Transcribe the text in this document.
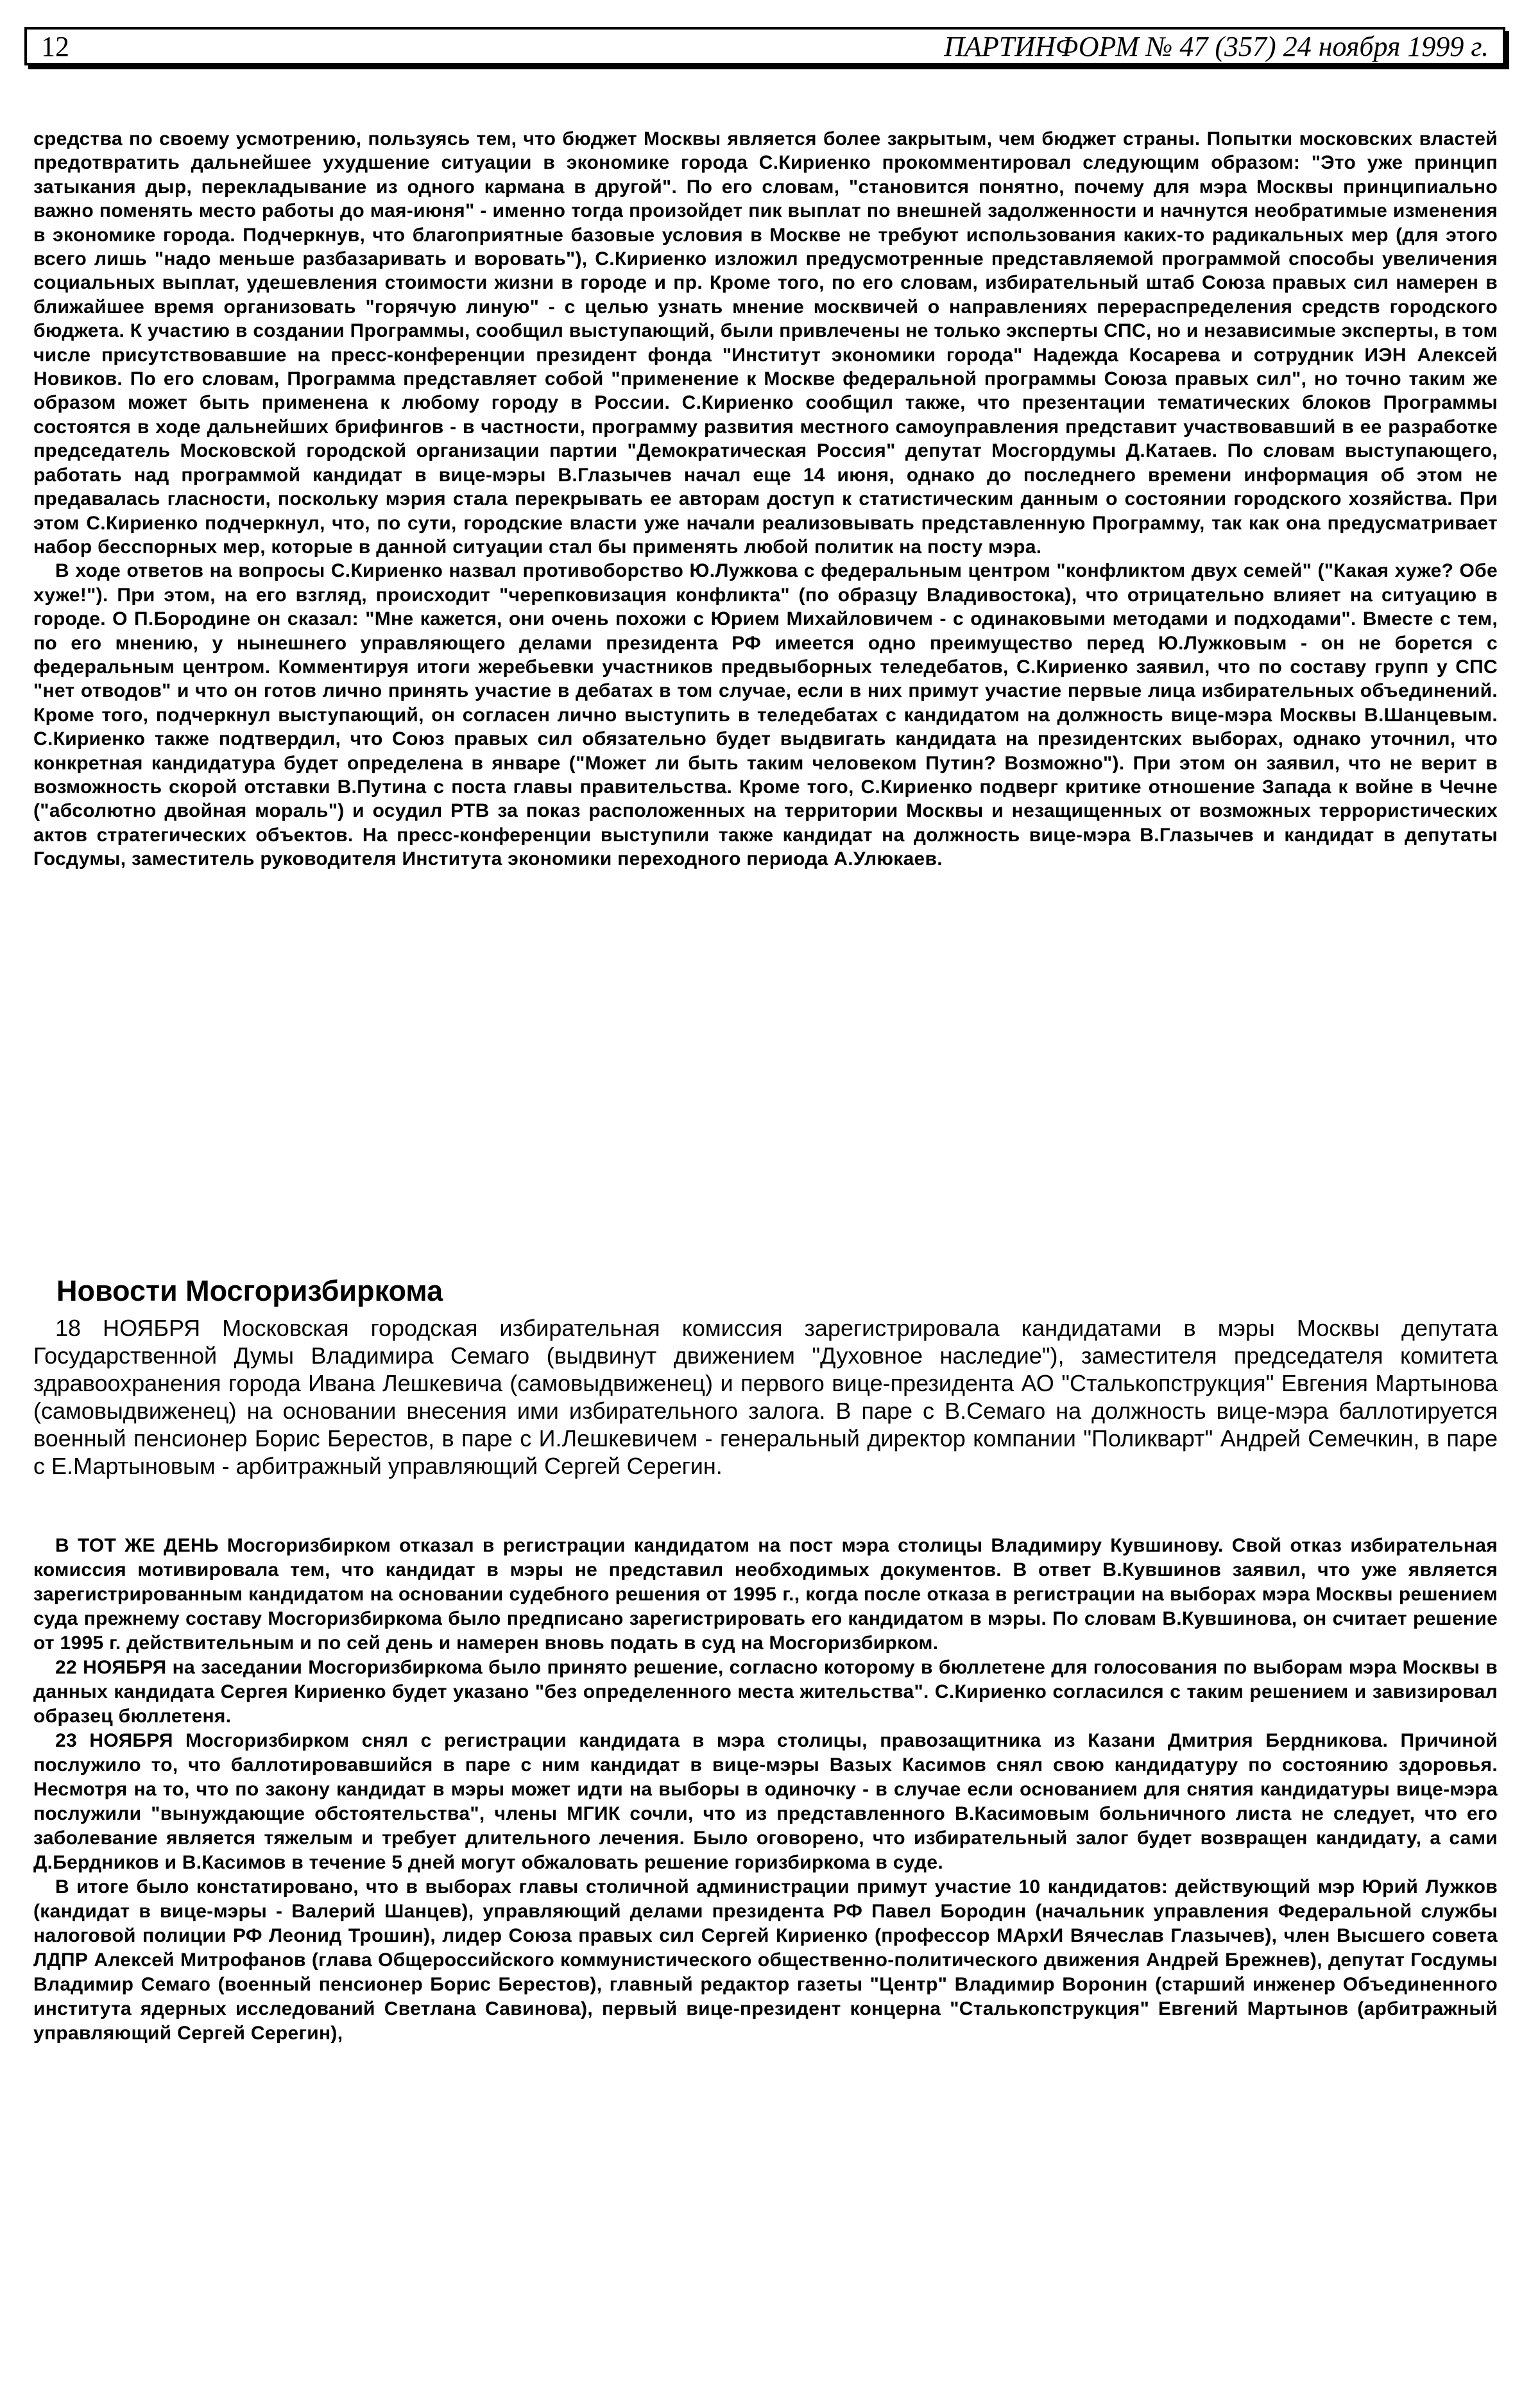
12	ПАРТИНФОРМ № 47 (357) 24 ноября 1999 г.

средства по своему усмотрению, пользуясь тем, что бюджет Москвы является более закрытым, чем бюджет страны. Попытки московских властей предотвратить дальнейшее ухудшение ситуации в экономике города С.Кириенко прокомментировал следующим образом: "Это уже принцип затыкания дыр, перекладывание из одного кармана в другой". По его словам, "становится понятно, почему для мэра Москвы принципиально важно поменять место работы до мая-июня" - именно тогда произойдет пик выплат по внешней задолженности и начнутся необратимые изменения в экономике города. Подчеркнув, что благоприятные базовые условия в Москве не требуют использования каких-то радикальных мер (для этого всего лишь "надо меньше разбазаривать и воровать"), С.Кириенко изложил предусмотренные представляемой программой способы увеличения социальных выплат, удешевления стоимости жизни в городе и пр. Кроме того, по его словам, избирательный штаб Союза правых сил намерен в ближайшее время организовать "горячую линую" - с целью узнать мнение москвичей о направлениях перераспределения средств городского бюджета. К участию в создании Программы, сообщил выступающий, были привлечены не только эксперты СПС, но и независимые эксперты, в том числе присутствовавшие на пресс-конференции президент фонда "Институт экономики города" Надежда Косарева и сотрудник ИЭН Алексей Новиков. По его словам, Программа представляет собой "применение к Москве федеральной программы Союза правых сил", но точно таким же образом может быть применена к любому городу в России. С.Кириенко сообщил также, что презентации тематических блоков Программы состоятся в ходе дальнейших брифингов - в частности, программу развития местного самоуправления представит участвовавший в ее разработке председатель Московской городской организации партии "Демократическая Россия" депутат Мосгордумы Д.Катаев. По словам выступающего, работать над программой кандидат в вице-мэры В.Глазычев начал еще 14 июня, однако до последнего времени информация об этом не предавалась гласности, поскольку мэрия стала перекрывать ее авторам доступ к статистическим данным о состоянии городского хозяйства. При этом С.Кириенко подчеркнул, что, по сути, городские власти уже начали реализовывать представленную Программу, так как она предусматривает набор бесспорных мер, которые в данной ситуации стал бы применять любой политик на посту мэра.

В ходе ответов на вопросы С.Кириенко назвал противоборство Ю.Лужкова с федеральным центром "конфликтом двух семей" ("Какая хуже? Обе хуже!"). При этом, на его взгляд, происходит "черепковизация конфликта" (по образцу Владивостока), что отрицательно влияет на ситуацию в городе. О П.Бородине он сказал: "Мне кажется, они очень похожи с Юрием Михайловичем - с одинаковыми методами и подходами". Вместе с тем, по его мнению, у нынешнего управляющего делами президента РФ имеется одно преимущество перед Ю.Лужковым - он не борется с федеральным центром. Комментируя итоги жеребьевки участников предвыборных теледебатов, С.Кириенко заявил, что по составу групп у СПС "нет отводов" и что он готов лично принять участие в дебатах в том случае, если в них примут участие первые лица избирательных объединений. Кроме того, подчеркнул выступающий, он согласен лично выступить в теледебатах с кандидатом на должность вице-мэра Москвы В.Шанцевым. С.Кириенко также подтвердил, что Союз правых сил обязательно будет выдвигать кандидата на президентских выборах, однако уточнил, что конкретная кандидатура будет определена в январе ("Может ли быть таким человеком Путин? Возможно"). При этом он заявил, что не верит в возможность скорой отставки В.Путина с поста главы правительства. Кроме того, С.Кириенко подверг критике отношение Запада к войне в Чечне ("абсолютно двойная мораль") и осудил РТВ за показ расположенных на территории Москвы и незащищенных от возможных террористических актов стратегических объектов. На пресс-конференции выступили также кандидат на должность вице-мэра В.Глазычев и кандидат в депутаты Госдумы, заместитель руководителя Института экономики переходного периода А.Улюкаев.

Новости Мосгоризбиркома

18 НОЯБРЯ Московская городская избирательная комиссия зарегистрировала кандидатами в мэры Москвы депутата Государственной Думы Владимира Семаго (выдвинут движением "Духовное наследие"), заместителя председателя комитета здравоохранения города Ивана Лешкевича (самовыдвиженец) и первого вице-президента АО "Сталькопструкция" Евгения Мартынова (самовыдвиженец) на основании внесения ими избирательного залога. В паре с В.Семаго на должность вице-мэра баллотируется военный пенсионер Борис Берестов, в паре с И.Лешкевичем - генеральный директор компании "Поликварт" Андрей Семечкин, в паре с Е.Мартыновым - арбитражный управляющий Сергей Серегин.

В ТОТ ЖЕ ДЕНЬ Мосгоризбирком отказал в регистрации кандидатом на пост мэра столицы Владимиру Кувшинову. Свой отказ избирательная комиссия мотивировала тем, что кандидат в мэры не представил необходимых документов. В ответ В.Кувшинов заявил, что уже является зарегистрированным кандидатом на основании судебного решения от 1995 г., когда после отказа в регистрации на выборах мэра Москвы решением суда прежнему составу Мосгоризбиркома было предписано зарегистрировать его кандидатом в мэры. По словам В.Кувшинова, он считает решение от 1995 г. действительным и по сей день и намерен вновь подать в суд на Мосгоризбирком.

22 НОЯБРЯ на заседании Мосгоризбиркома было принято решение, согласно которому в бюллетене для голосования по выборам мэра Москвы в данных кандидата Сергея Кириенко будет указано "без определенного места жительства". С.Кириенко согласился с таким решением и завизировал образец бюллетеня.

23 НОЯБРЯ Мосгоризбирком снял с регистрации кандидата в мэра столицы, правозащитника из Казани Дмитрия Бердникова. Причиной послужило то, что баллотировавшийся в паре с ним кандидат в вице-мэры Вазых Касимов снял свою кандидатуру по состоянию здоровья. Несмотря на то, что по закону кандидат в мэры может идти на выборы в одиночку - в случае если основанием для снятия кандидатуры вице-мэра послужили "вынуждающие обстоятельства", члены МГИК сочли, что из представленного В.Касимовым больничного листа не следует, что его заболевание является тяжелым и требует длительного лечения. Было оговорено, что избирательный залог будет возвращен кандидату, а сами Д.Бердников и В.Касимов в течение 5 дней могут обжаловать решение горизбиркома в суде.

В итоге было констатировано, что в выборах главы столичной администрации примут участие 10 кандидатов: действующий мэр Юрий Лужков (кандидат в вице-мэры - Валерий Шанцев), управляющий делами президента РФ Павел Бородин (начальник управления Федеральной службы налоговой полиции РФ Леонид Трошин), лидер Союза правых сил Сергей Кириенко (профессор МАрхИ Вячеслав Глазычев), член Высшего совета ЛДПР Алексей Митрофанов (глава Общероссийского коммунистического общественно-политического движения Андрей Брежнев), депутат Госдумы Владимир Семаго (военный пенсионер Борис Берестов), главный редактор газеты "Центр" Владимир Воронин (старший инженер Объединенного института ядерных исследований Светлана Савинова), первый вице-президент концерна "Сталькопструкция" Евгений Мартынов (арбитражный управляющий Сергей Серегин),
